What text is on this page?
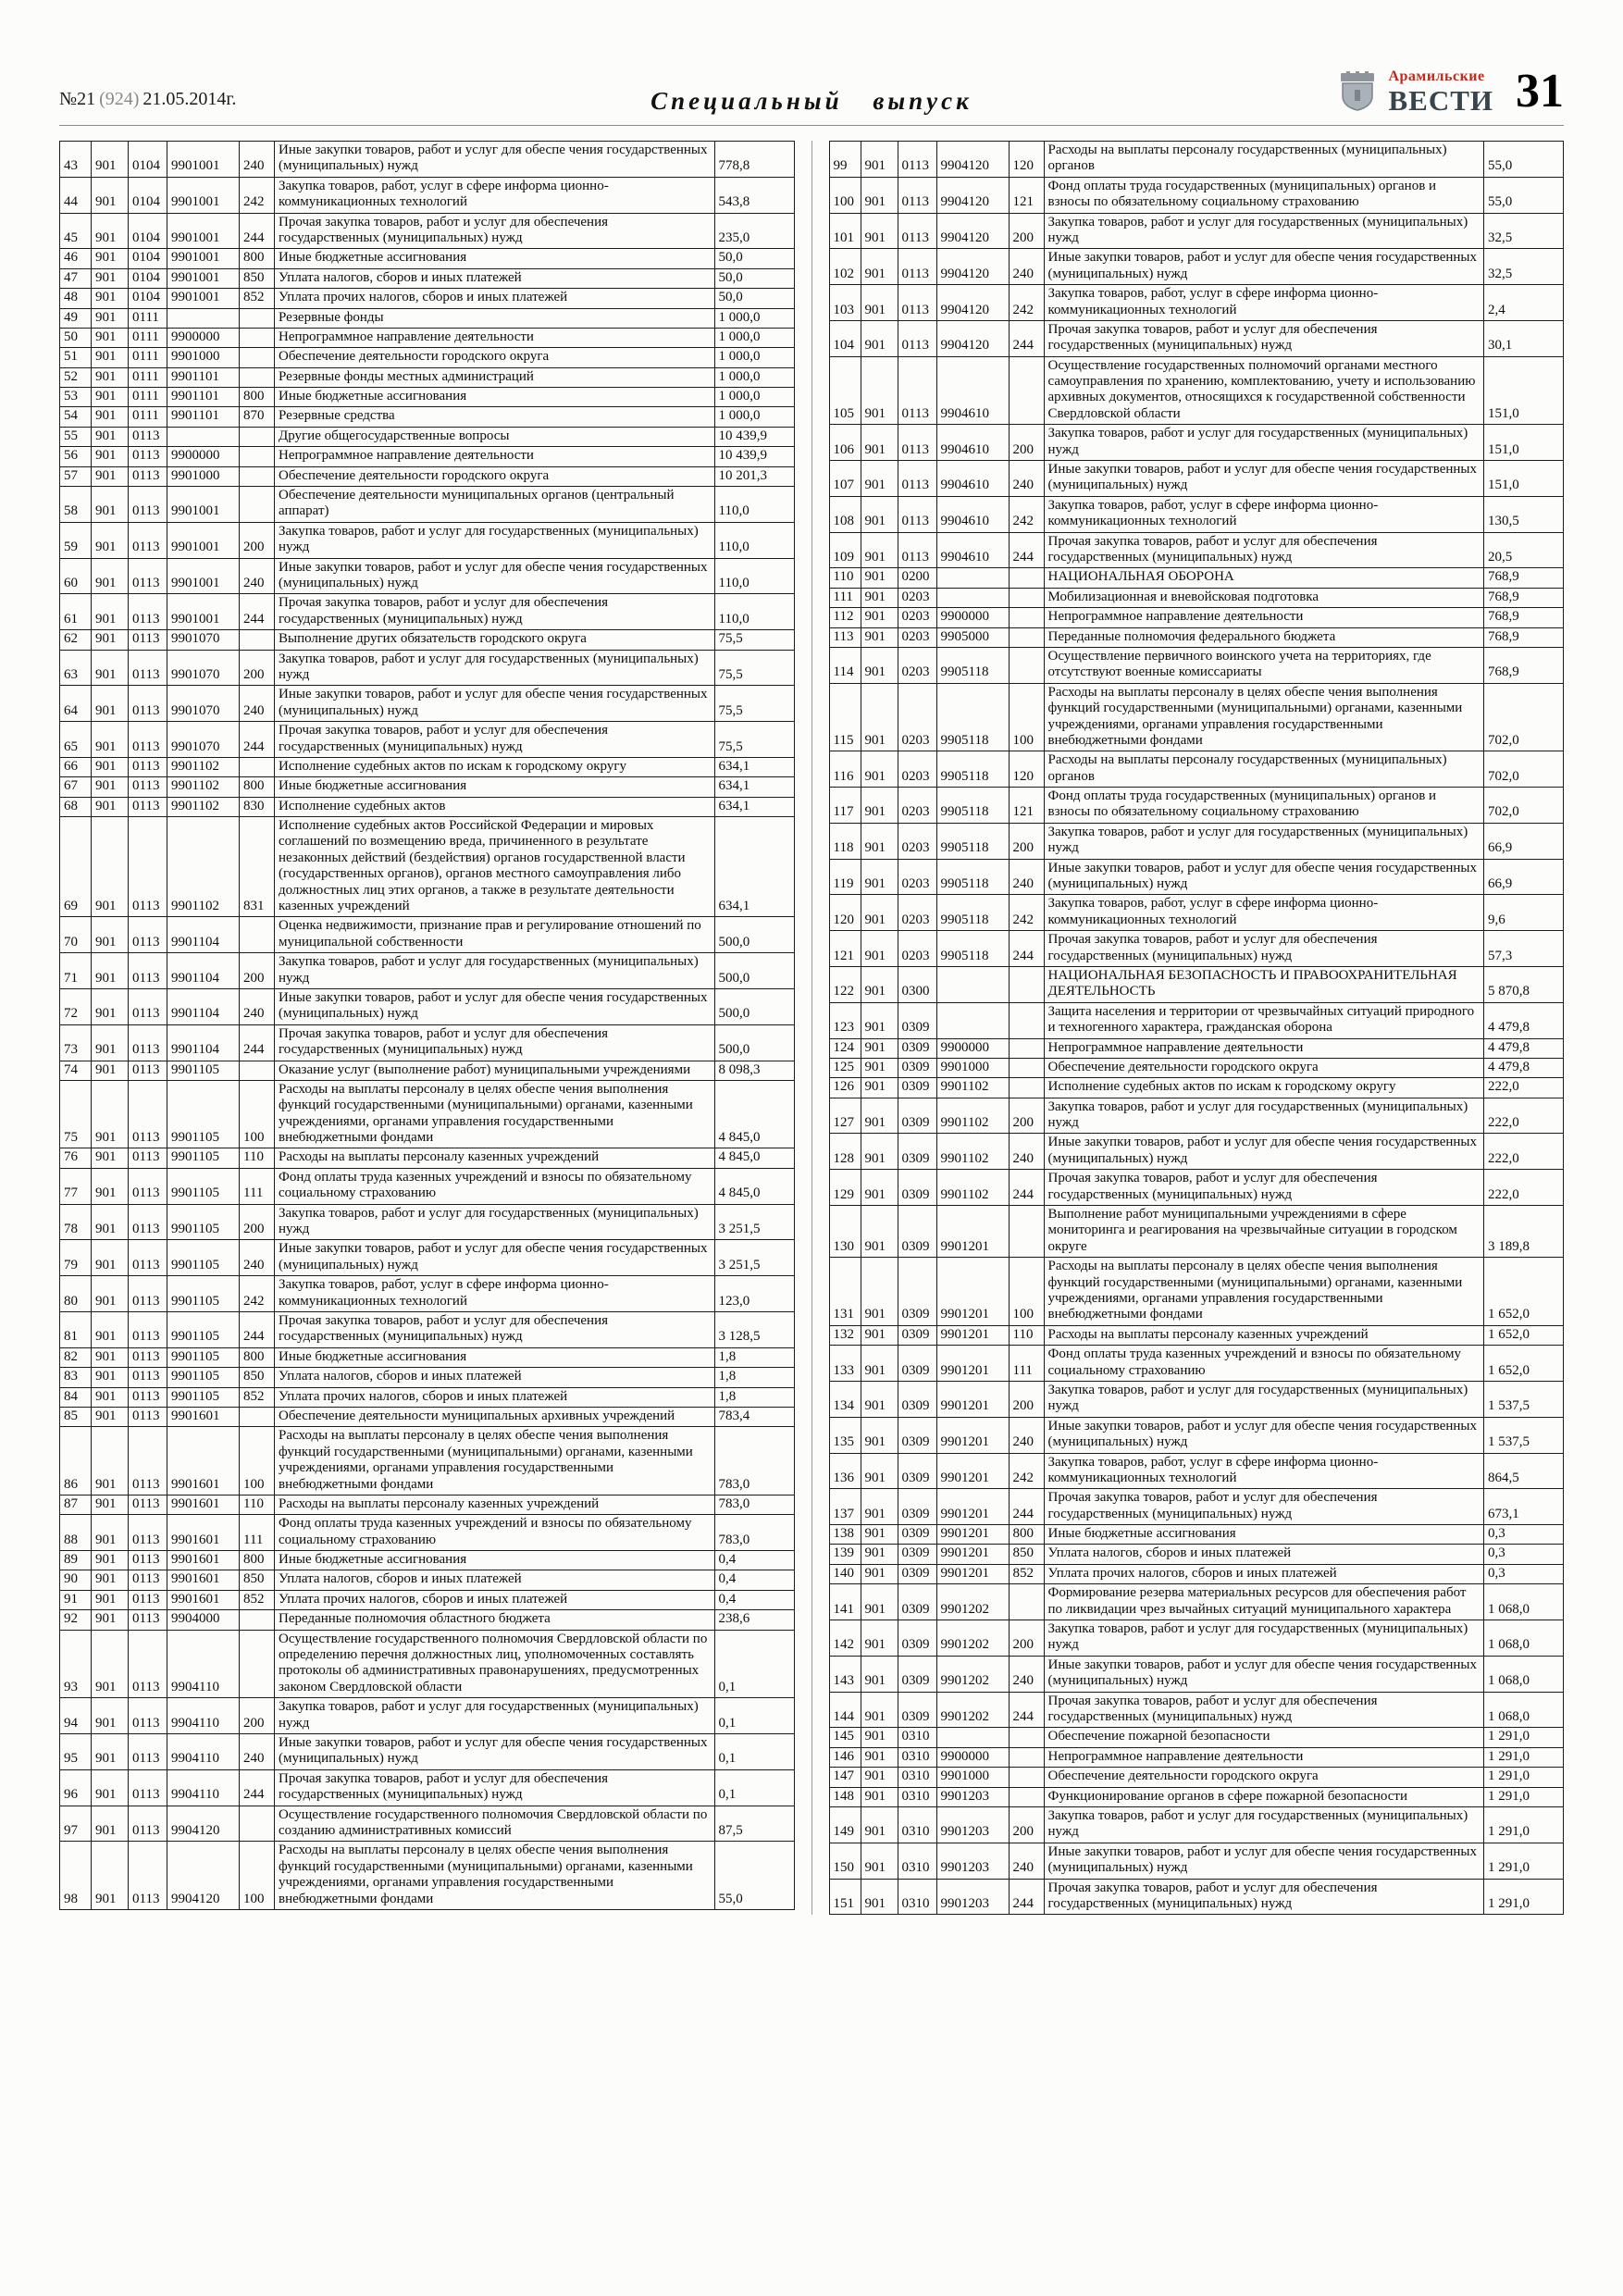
№21 (924) 21.05.2014г.	Специальный выпуск
Арамильские
ВЕСТИ 31
43	901	0104	9901001	240	Иные закупки товаров, работ и услуг для обеспе чения государственных (муниципальных) нужд	778,8
44	901	0104	9901001	242	Закупка товаров, работ, услуг в сфере информа ционно-коммуникационных технологий	543,8
45	901	0104	9901001	244	Прочая закупка товаров, работ и услуг для обеспечения государственных (муниципальных) нужд	235,0
46	901	0104	9901001	800	Иные бюджетные ассигнования	50,0
47	901	0104	9901001	850	Уплата налогов, сборов и иных платежей	50,0
48	901	0104	9901001	852	Уплата прочих налогов, сборов и иных платежей	50,0
49	901	0111			Резервные фонды	1 000,0
50	901	0111	9900000		Непрограммное направление деятельности	1 000,0
51	901	0111	9901000		Обеспечение деятельности городского округа	1 000,0
52	901	0111	9901101		Резервные фонды местных администраций	1 000,0
53	901	0111	9901101	800	Иные бюджетные ассигнования	1 000,0
54	901	0111	9901101	870	Резервные средства	1 000,0
55	901	0113			Другие общегосударственные вопросы	10 439,9
56	901	0113	9900000		Непрограммное направление деятельности	10 439,9
57	901	0113	9901000		Обеспечение деятельности городского округа	10 201,3
58	901	0113	9901001		Обеспечение деятельности муниципальных органов (центральный аппарат)	110,0
59	901	0113	9901001	200	Закупка товаров, работ и услуг для государственных (муниципальных) нужд	110,0
60	901	0113	9901001	240	Иные закупки товаров, работ и услуг для обеспе чения государственных (муниципальных) нужд	110,0
61	901	0113	9901001	244	Прочая закупка товаров, работ и услуг для обеспечения государственных (муниципальных) нужд	110,0
62	901	0113	9901070		Выполнение других обязательств городского округа	75,5
63	901	0113	9901070	200	Закупка товаров, работ и услуг для государственных (муниципальных) нужд	75,5
64	901	0113	9901070	240	Иные закупки товаров, работ и услуг для обеспе чения государственных (муниципальных) нужд	75,5
65	901	0113	9901070	244	Прочая закупка товаров, работ и услуг для обеспечения государственных (муниципальных) нужд	75,5
66	901	0113	9901102		Исполнение судебных актов по искам к городскому округу	634,1
67	901	0113	9901102	800	Иные бюджетные ассигнования	634,1
68	901	0113	9901102	830	Исполнение судебных актов	634,1
69	901	0113	9901102	831	Исполнение судебных актов Российской Федерации и мировых соглашений по возмещению вреда, причиненного в результате незаконных действий (бездействия) органов государственной власти (государственных органов), органов местного самоуправления либо должностных лиц этих органов, а также в результате деятельности казенных учреждений	634,1
70	901	0113	9901104		Оценка недвижимости, признание прав и регулирование отношений по муниципальной собственности	500,0
71	901	0113	9901104	200	Закупка товаров, работ и услуг для государственных (муниципальных) нужд	500,0
72	901	0113	9901104	240	Иные закупки товаров, работ и услуг для обеспе чения государственных (муниципальных) нужд	500,0
73	901	0113	9901104	244	Прочая закупка товаров, работ и услуг для обеспечения государственных (муниципальных) нужд	500,0
74	901	0113	9901105		Оказание услуг (выполнение работ) муниципальными учреждениями	8 098,3
75	901	0113	9901105	100	Расходы на выплаты персоналу в целях обеспе чения выполнения функций государственными (муниципальными) органами, казенными учреждениями, органами управления государственными внебюджетными фондами	4 845,0
76	901	0113	9901105	110	Расходы на выплаты персоналу казенных учреждений	4 845,0
77	901	0113	9901105	111	Фонд оплаты труда казенных учреждений и взносы по обязательному социальному страхованию	4 845,0
78	901	0113	9901105	200	Закупка товаров, работ и услуг для государственных (муниципальных) нужд	3 251,5
79	901	0113	9901105	240	Иные закупки товаров, работ и услуг для обеспе чения государственных (муниципальных) нужд	3 251,5
80	901	0113	9901105	242	Закупка товаров, работ, услуг в сфере информа ционно-коммуникационных технологий	123,0
81	901	0113	9901105	244	Прочая закупка товаров, работ и услуг для обеспечения государственных (муниципальных) нужд	3 128,5
82	901	0113	9901105	800	Иные бюджетные ассигнования	1,8
83	901	0113	9901105	850	Уплата налогов, сборов и иных платежей	1,8
84	901	0113	9901105	852	Уплата прочих налогов, сборов и иных платежей	1,8
85	901	0113	9901601		Обеспечение деятельности муниципальных архивных учреждений	783,4
86	901	0113	9901601	100	Расходы на выплаты персоналу в целях обеспе чения выполнения функций государственными (муниципальными) органами, казенными учреждениями, органами управления государственными внебюджетными фондами	783,0
87	901	0113	9901601	110	Расходы на выплаты персоналу казенных учреждений	783,0
88	901	0113	9901601	111	Фонд оплаты труда казенных учреждений и взносы по обязательному социальному страхованию	783,0
89	901	0113	9901601	800	Иные бюджетные ассигнования	0,4
90	901	0113	9901601	850	Уплата налогов, сборов и иных платежей	0,4
91	901	0113	9901601	852	Уплата прочих налогов, сборов и иных платежей	0,4
92	901	0113	9904000		Переданные полномочия областного бюджета	238,6
93	901	0113	9904110		Осуществление государственного полномочия Свердловской области по определению перечня должностных лиц, уполномоченных составлять протоколы об административных правонарушениях, предусмотренных законом Свердловской области	0,1
94	901	0113	9904110	200	Закупка товаров, работ и услуг для государственных (муниципальных) нужд	0,1
95	901	0113	9904110	240	Иные закупки товаров, работ и услуг для обеспе чения государственных (муниципальных) нужд	0,1
96	901	0113	9904110	244	Прочая закупка товаров, работ и услуг для обеспечения государственных (муниципальных) нужд	0,1
97	901	0113	9904120		Осуществление государственного полномочия Свердловской области по созданию административных комиссий	87,5
98	901	0113	9904120	100	Расходы на выплаты персоналу в целях обеспе чения выполнения функций государственными (муниципальными) органами, казенными учреждениями, органами управления государственными внебюджетными фондами	55,0
99	901	0113	9904120	120	Расходы на выплаты персоналу государственных (муниципальных) органов	55,0
100	901	0113	9904120	121	Фонд оплаты труда государственных (муниципальных) органов и взносы по обязательному социальному страхованию	55,0
101	901	0113	9904120	200	Закупка товаров, работ и услуг для государственных (муниципальных) нужд	32,5
102	901	0113	9904120	240	Иные закупки товаров, работ и услуг для обеспе чения государственных (муниципальных) нужд	32,5
103	901	0113	9904120	242	Закупка товаров, работ, услуг в сфере информа ционно-коммуникационных технологий	2,4
104	901	0113	9904120	244	Прочая закупка товаров, работ и услуг для обеспечения государственных (муниципальных) нужд	30,1
105	901	0113	9904610		Осуществление государственных полномочий органами местного самоуправления по хранению, комплектованию, учету и использованию архивных документов, относящихся к государственной собственности Свердловской области	151,0
106	901	0113	9904610	200	Закупка товаров, работ и услуг для государственных (муниципальных) нужд	151,0
107	901	0113	9904610	240	Иные закупки товаров, работ и услуг для обеспе чения государственных (муниципальных) нужд	151,0
108	901	0113	9904610	242	Закупка товаров, работ, услуг в сфере информа ционно-коммуникационных технологий	130,5
109	901	0113	9904610	244	Прочая закупка товаров, работ и услуг для обеспечения государственных (муниципальных) нужд	20,5
110	901	0200			НАЦИОНАЛЬНАЯ ОБОРОНА	768,9
111	901	0203			Мобилизационная и вневойсковая подготовка	768,9
112	901	0203	9900000		Непрограммное направление деятельности	768,9
113	901	0203	9905000		Переданные полномочия федерального бюджета	768,9
114	901	0203	9905118		Осуществление первичного воинского учета на территориях, где отсутствуют военные комиссариаты	768,9
115	901	0203	9905118	100	Расходы на выплаты персоналу в целях обеспе чения выполнения функций государственными (муниципальными) органами, казенными учреждениями, органами управления государственными внебюджетными фондами	702,0
116	901	0203	9905118	120	Расходы на выплаты персоналу государственных (муниципальных) органов	702,0
117	901	0203	9905118	121	Фонд оплаты труда государственных (муниципальных) органов и взносы по обязательному социальному страхованию	702,0
118	901	0203	9905118	200	Закупка товаров, работ и услуг для государственных (муниципальных) нужд	66,9
119	901	0203	9905118	240	Иные закупки товаров, работ и услуг для обеспе чения государственных (муниципальных) нужд	66,9
120	901	0203	9905118	242	Закупка товаров, работ, услуг в сфере информа ционно-коммуникационных технологий	9,6
121	901	0203	9905118	244	Прочая закупка товаров, работ и услуг для обеспечения государственных (муниципальных) нужд	57,3
122	901	0300			НАЦИОНАЛЬНАЯ БЕЗОПАСНОСТЬ И ПРАВООХРАНИТЕЛЬНАЯ ДЕЯТЕЛЬНОСТЬ	5 870,8
123	901	0309			Защита населения и территории от чрезвычайных ситуаций природного и техногенного характера, гражданская оборона	4 479,8
124	901	0309	9900000		Непрограммное направление деятельности	4 479,8
125	901	0309	9901000		Обеспечение деятельности городского округа	4 479,8
126	901	0309	9901102		Исполнение судебных актов по искам к городскому округу	222,0
127	901	0309	9901102	200	Закупка товаров, работ и услуг для государственных (муниципальных) нужд	222,0
128	901	0309	9901102	240	Иные закупки товаров, работ и услуг для обеспе чения государственных (муниципальных) нужд	222,0
129	901	0309	9901102	244	Прочая закупка товаров, работ и услуг для обеспечения государственных (муниципальных) нужд	222,0
130	901	0309	9901201		Выполнение работ муниципальными учреждениями в сфере мониторинга и реагирования на чрезвычайные ситуации в городском округе	3 189,8
131	901	0309	9901201	100	Расходы на выплаты персоналу в целях обеспе чения выполнения функций государственными (муниципальными) органами, казенными учреждениями, органами управления государственными внебюджетными фондами	1 652,0
132	901	0309	9901201	110	Расходы на выплаты персоналу казенных учреждений	1 652,0
133	901	0309	9901201	111	Фонд оплаты труда казенных учреждений и взносы по обязательному социальному страхованию	1 652,0
134	901	0309	9901201	200	Закупка товаров, работ и услуг для государственных (муниципальных) нужд	1 537,5
135	901	0309	9901201	240	Иные закупки товаров, работ и услуг для обеспе чения государственных (муниципальных) нужд	1 537,5
136	901	0309	9901201	242	Закупка товаров, работ, услуг в сфере информа ционно-коммуникационных технологий	864,5
137	901	0309	9901201	244	Прочая закупка товаров, работ и услуг для обеспечения государственных (муниципальных) нужд	673,1
138	901	0309	9901201	800	Иные бюджетные ассигнования	0,3
139	901	0309	9901201	850	Уплата налогов, сборов и иных платежей	0,3
140	901	0309	9901201	852	Уплата прочих налогов, сборов и иных платежей	0,3
141	901	0309	9901202		Формирование резерва материальных ресурсов для обеспечения работ по ликвидации чрез вычайных ситуаций муниципального характера	1 068,0
142	901	0309	9901202	200	Закупка товаров, работ и услуг для государственных (муниципальных) нужд	1 068,0
143	901	0309	9901202	240	Иные закупки товаров, работ и услуг для обеспе чения государственных (муниципальных) нужд	1 068,0
144	901	0309	9901202	244	Прочая закупка товаров, работ и услуг для обеспечения государственных (муниципальных) нужд	1 068,0
145	901	0310			Обеспечение пожарной безопасности	1 291,0
146	901	0310	9900000		Непрограммное направление деятельности	1 291,0
147	901	0310	9901000		Обеспечение деятельности городского округа	1 291,0
148	901	0310	9901203		Функционирование органов в сфере пожарной безопасности	1 291,0
149	901	0310	9901203	200	Закупка товаров, работ и услуг для государственных (муниципальных) нужд	1 291,0
150	901	0310	9901203	240	Иные закупки товаров, работ и услуг для обеспе чения государственных (муниципальных) нужд	1 291,0
151	901	0310	9901203	244	Прочая закупка товаров, работ и услуг для обеспечения государственных (муниципальных) нужд	1 291,0
